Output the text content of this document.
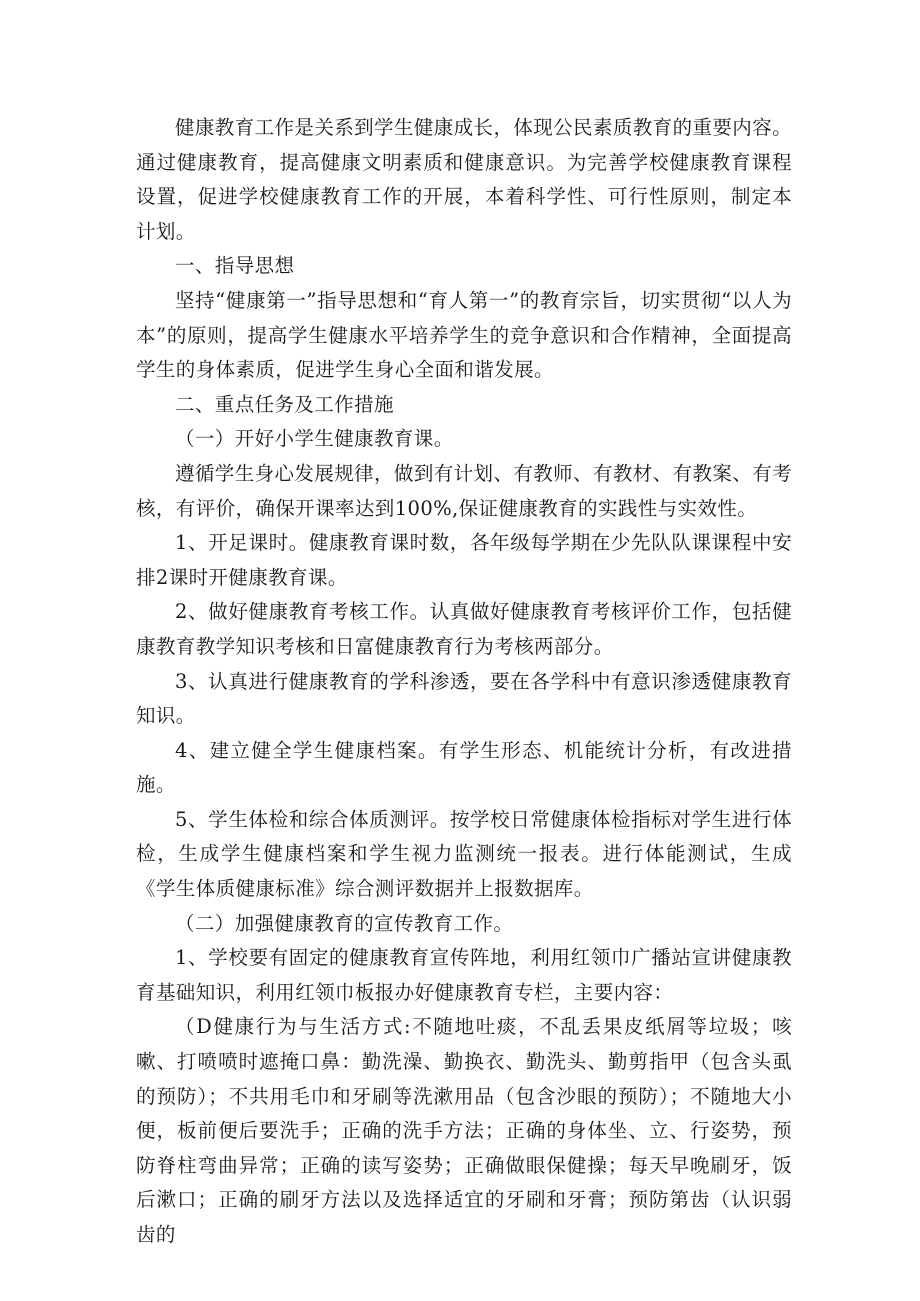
健康教育工作是关系到学生健康成长，体现公民素质教育的重要内容。通过健康教育，提高健康文明素质和健康意识。为完善学校健康教育课程设置，促进学校健康教育工作的开展，本着科学性、可行性原则，制定本计划。

一、指导思想

坚持“健康第一”指导思想和“育人第一”的教育宗旨，切实贯彻“以人为本”的原则，提高学生健康水平培养学生的竞争意识和合作精神，全面提高学生的身体素质，促进学生身心全面和谐发展。

二、重点任务及工作措施

（一）开好小学生健康教育课。

遵循学生身心发展规律，做到有计划、有教师、有教材、有教案、有考核，有评价，确保开课率达到100%,保证健康教育的实践性与实效性。

1、开足课时。健康教育课时数，各年级每学期在少先队队课课程中安排2课时开健康教育课。

2、做好健康教育考核工作。认真做好健康教育考核评价工作，包括健康教育教学知识考核和日富健康教育行为考核两部分。

3、认真进行健康教育的学科渗透，要在各学科中有意识渗透健康教育知识。

4、建立健全学生健康档案。有学生形态、机能统计分析，有改进措施。

5、学生体检和综合体质测评。按学校日常健康体检指标对学生进行体检，生成学生健康档案和学生视力监测统一报表。进行体能测试，生成《学生体质健康标准》综合测评数据并上报数据库。

（二）加强健康教育的宣传教育工作。

1、学校要有固定的健康教育宣传阵地，利用红领巾广播站宣讲健康教育基础知识，利用红领巾板报办好健康教育专栏，主要内容：

（D健康行为与生活方式:不随地吐痰，不乱丢果皮纸屑等垃圾；咳嗽、打喷喷时遮掩口鼻：勤洗澡、勤换衣、勤洗头、勤剪指甲（包含头虱的预防）；不共用毛巾和牙刷等洗漱用品（包含沙眼的预防）；不随地大小便，板前便后要洗手；正确的洗手方法；正确的身体坐、立、行姿势，预防脊柱弯曲异常；正确的读写姿势；正确做眼保健操；每天早晚刷牙，饭后漱口；正确的刷牙方法以及选择适宜的牙刷和牙膏；预防第齿（认识弱齿的
